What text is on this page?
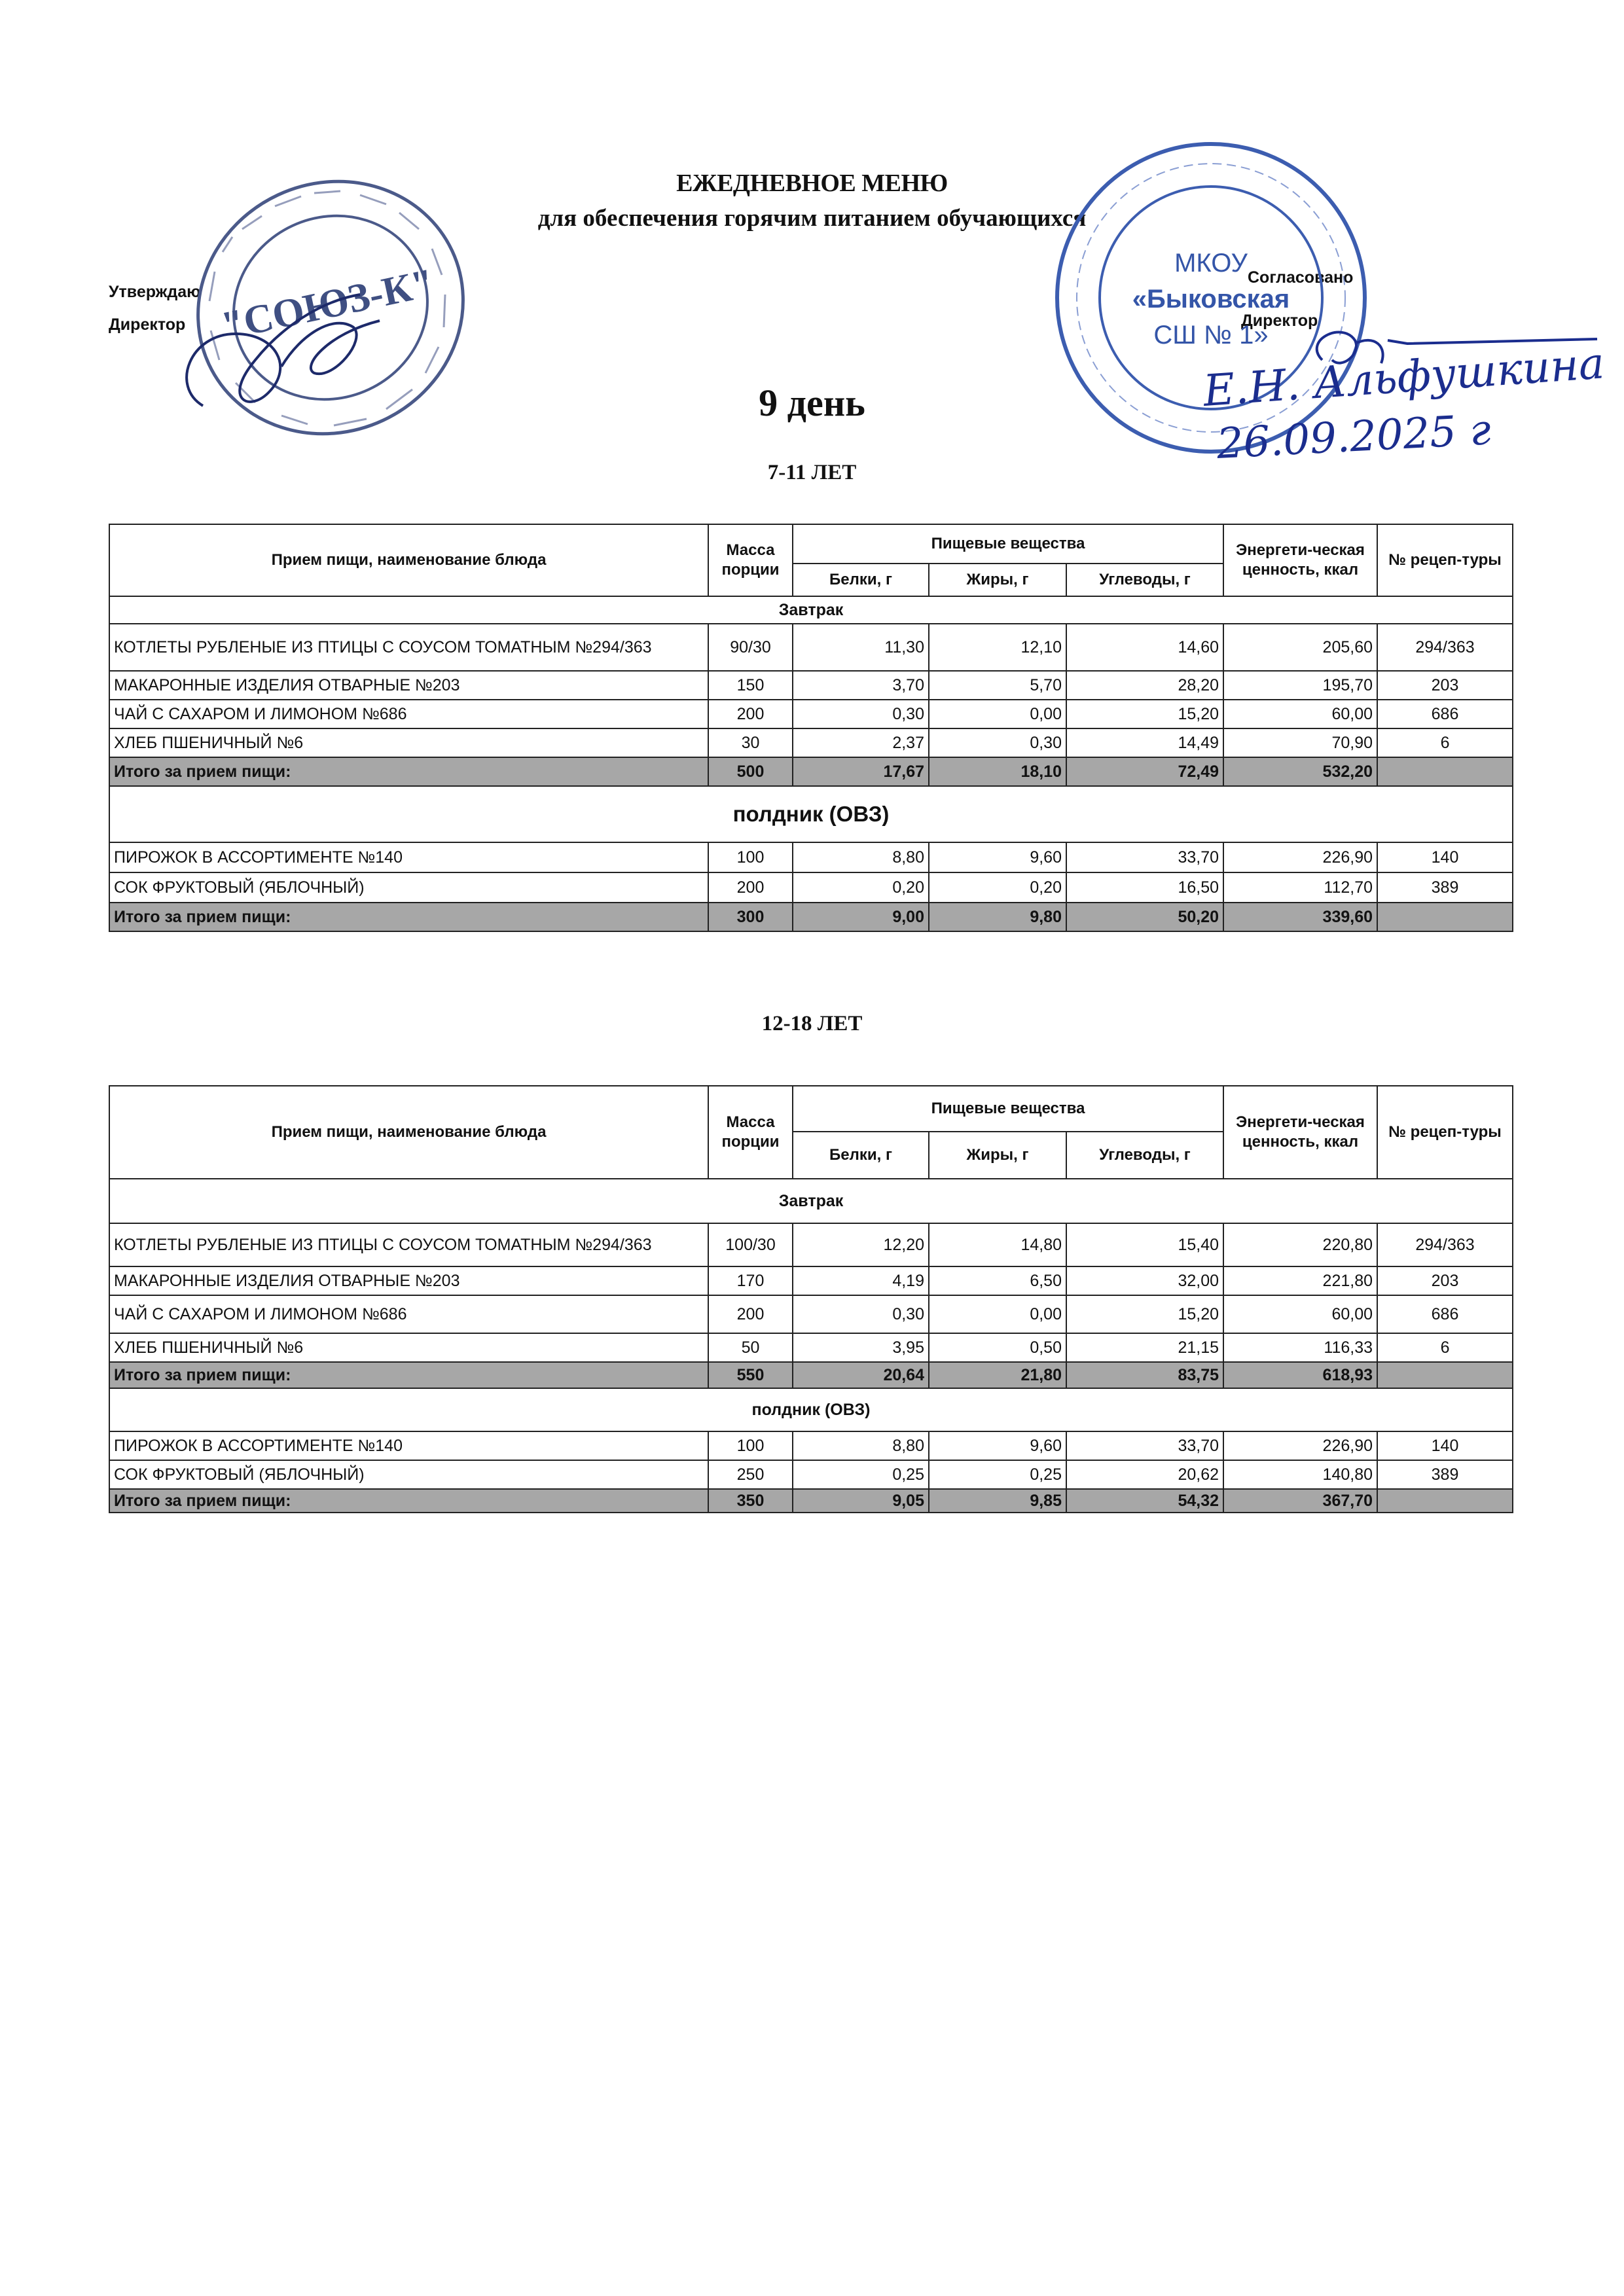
ЕЖЕДНЕВНОЕ МЕНЮ
для обеспечения горячим питанием обучающихся
9 день
Утверждаю
Директор "СОЮЗ-К"	Согласовано
Директор
МКОУ
«Быковская
СШ № 1»
Е.Н. Альфушкина
26.09.2025 г
7-11 ЛЕТ
Прием пищи, наименование блюда	Масса порции	Пищевые вещества			Энергети-ческая ценность, ккал	№ рецеп-туры
		Белки, г	Жиры, г	Углеводы, г		
Завтрак						
КОТЛЕТЫ РУБЛЕНЫЕ ИЗ ПТИЦЫ С СОУСОМ ТОМАТНЫМ №294/363	90/30	11,30	12,10	14,60	205,60	294/363
МАКАРОННЫЕ ИЗДЕЛИЯ ОТВАРНЫЕ №203	150	3,70	5,70	28,20	195,70	203
ЧАЙ С САХАРОМ И ЛИМОНОМ №686	200	0,30	0,00	15,20	60,00	686
ХЛЕБ ПШЕНИЧНЫЙ №6	30	2,37	0,30	14,49	70,90	6
Итого за прием пищи:	500	17,67	18,10	72,49	532,20	
полдник (ОВЗ)						
ПИРОЖОК В АССОРТИМЕНТЕ №140	100	8,80	9,60	33,70	226,90	140
СОК ФРУКТОВЫЙ (ЯБЛОЧНЫЙ)	200	0,20	0,20	16,50	112,70	389
Итого за прием пищи:	300	9,00	9,80	50,20	339,60	
12-18 ЛЕТ
Прием пищи, наименование блюда	Масса порции	Пищевые вещества			Энергети-ческая ценность, ккал	№ рецеп-туры
		Белки, г	Жиры, г	Углеводы, г		
Завтрак						
КОТЛЕТЫ РУБЛЕНЫЕ ИЗ ПТИЦЫ С СОУСОМ ТОМАТНЫМ №294/363	100/30	12,20	14,80	15,40	220,80	294/363
МАКАРОННЫЕ ИЗДЕЛИЯ ОТВАРНЫЕ №203	170	4,19	6,50	32,00	221,80	203
ЧАЙ С САХАРОМ И ЛИМОНОМ №686	200	0,30	0,00	15,20	60,00	686
ХЛЕБ ПШЕНИЧНЫЙ №6	50	3,95	0,50	21,15	116,33	6
Итого за прием пищи:	550	20,64	21,80	83,75	618,93	
полдник (ОВЗ)						
ПИРОЖОК В АССОРТИМЕНТЕ №140	100	8,80	9,60	33,70	226,90	140
СОК ФРУКТОВЫЙ (ЯБЛОЧНЫЙ)	250	0,25	0,25	20,62	140,80	389
Итого за прием пищи:	350	9,05	9,85	54,32	367,70	
